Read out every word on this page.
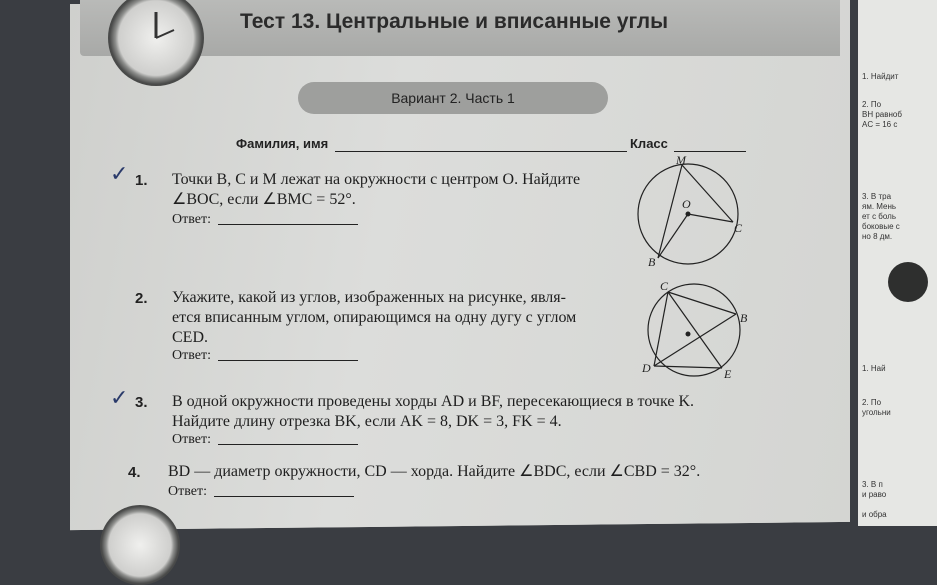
Тест 13. Центральные и вписанные углы
Вариант 2. Часть 1
Фамилия, имя	Класс
✓ 1. Точки B, C и M лежат на окружности с центром O. Найдите
∠BOC, если ∠BMC = 52°.
Ответ:
M
O
C
B
2. Укажите, какой из углов, изображенных на рисунке, явля-
ется вписанным углом, опирающимся на одну дугу с углом
CED.
Ответ:
C
B
D	E
✓ 3. В одной окружности проведены хорды AD и BF, пересекающиеся в точке K.
Найдите длину отрезка BK, если AK = 8, DK = 3, FK = 4.
Ответ:
4. BD — диаметр окружности, CD — хорда. Найдите ∠BDC, если ∠CBD = 32°.
Ответ:
1. Найдит
2. По
BH равноб
AC = 16 с
3. В тра
ям. Мень
ет с боль
боковые с
но 8 дм.
1. Най
2. По
угольни
3. В п
и раво
и обра
